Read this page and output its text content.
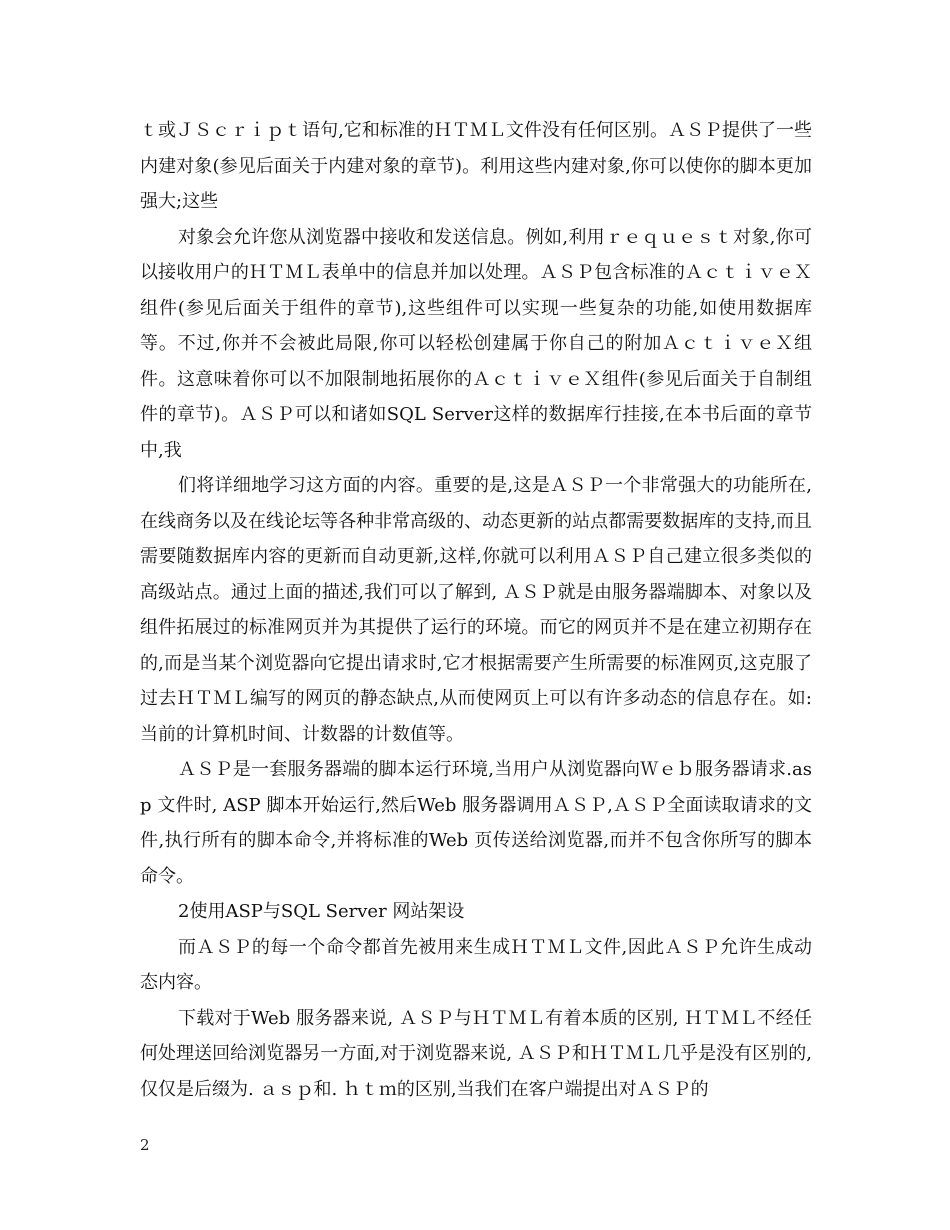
ｔ或ＪＳｃｒｉｐｔ语句,它和标准的ＨＴＭＬ文件没有任何区别。ＡＳＰ提供了一些内建对象(参见后面关于内建对象的章节)。利用这些内建对象,你可以使你的脚本更加强大;这些

对象会允许您从浏览器中接收和发送信息。例如,利用ｒｅｑｕｅｓｔ对象,你可以接收用户的ＨＴＭＬ表单中的信息并加以处理。ＡＳＰ包含标准的ＡｃｔｉｖｅＸ组件(参见后面关于组件的章节),这些组件可以实现一些复杂的功能,如使用数据库等。不过,你并不会被此局限,你可以轻松创建属于你自己的附加ＡｃｔｉｖｅＸ组件。这意味着你可以不加限制地拓展你的ＡｃｔｉｖｅＸ组件(参见后面关于自制组件的章节)。ＡＳＰ可以和诸如SQL Server这样的数据库行挂接,在本书后面的章节中,我

们将详细地学习这方面的内容。重要的是,这是ＡＳＰ一个非常强大的功能所在,在线商务以及在线论坛等各种非常高级的、动态更新的站点都需要数据库的支持,而且需要随数据库内容的更新而自动更新,这样,你就可以利用ＡＳＰ自己建立很多类似的高级站点。通过上面的描述,我们可以了解到, ＡＳＰ就是由服务器端脚本、对象以及组件拓展过的标准网页并为其提供了运行的环境。而它的网页并不是在建立初期存在的,而是当某个浏览器向它提出请求时,它才根据需要产生所需要的标准网页,这克服了过去ＨＴＭＬ编写的网页的静态缺点,从而使网页上可以有许多动态的信息存在。如:当前的计算机时间、计数器的计数值等。

ＡＳＰ是一套服务器端的脚本运行环境,当用户从浏览器向Ｗｅｂ服务器请求.asp 文件时, ASP 脚本开始运行,然后Web 服务器调用ＡＳＰ,ＡＳＰ全面读取请求的文件,执行所有的脚本命令,并将标准的Web 页传送给浏览器,而并不包含你所写的脚本命令。

2使用ASP与SQL Server 网站架设

而ＡＳＰ的每一个命令都首先被用来生成ＨＴＭＬ文件,因此ＡＳＰ允许生成动态内容。

下载对于Web 服务器来说, ＡＳＰ与ＨＴＭＬ有着本质的区别, ＨＴＭＬ不经任何处理送回给浏览器另一方面,对于浏览器来说, ＡＳＰ和ＨＴＭＬ几乎是没有区别的,仅仅是后缀为. ａｓｐ和. ｈｔｍ的区别,当我们在客户端提出对ＡＳＰ的

2
